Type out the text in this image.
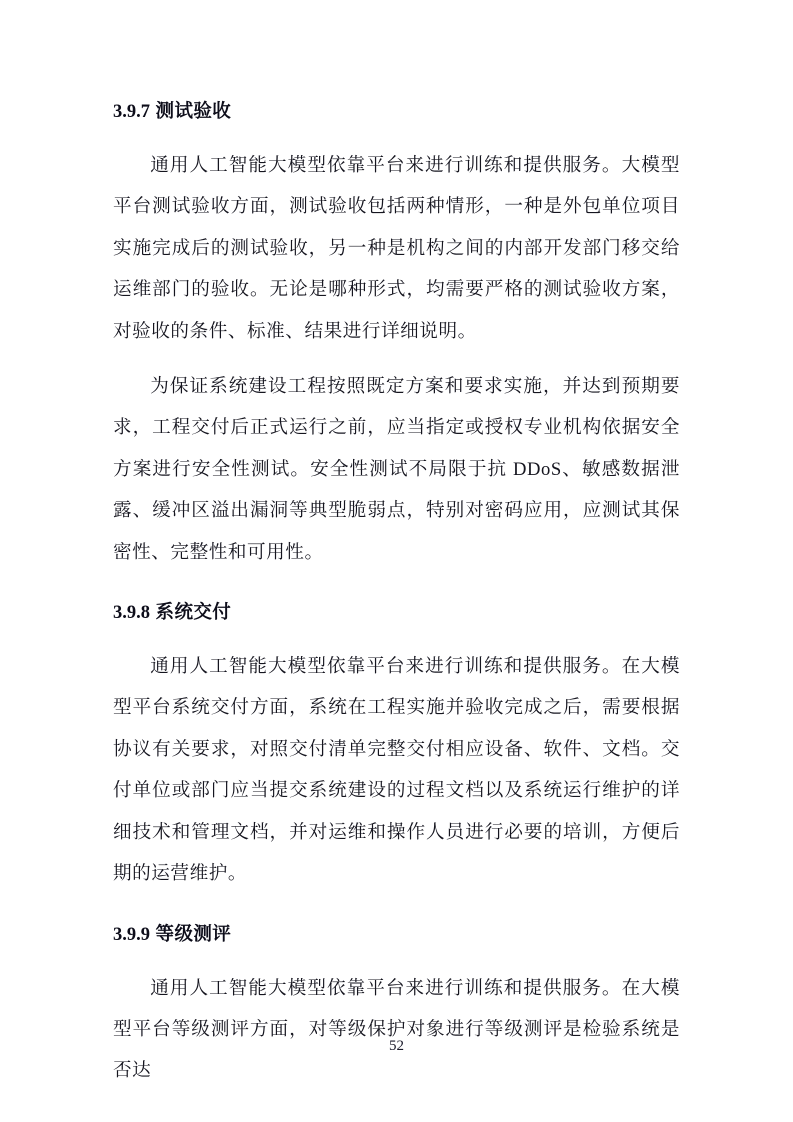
3.9.7 测试验收

通用人工智能大模型依靠平台来进行训练和提供服务。大模型平台测试验收方面，测试验收包括两种情形，一种是外包单位项目实施完成后的测试验收，另一种是机构之间的内部开发部门移交给运维部门的验收。无论是哪种形式，均需要严格的测试验收方案，对验收的条件、标准、结果进行详细说明。

为保证系统建设工程按照既定方案和要求实施，并达到预期要求，工程交付后正式运行之前，应当指定或授权专业机构依据安全方案进行安全性测试。安全性测试不局限于抗 DDoS、敏感数据泄露、缓冲区溢出漏洞等典型脆弱点，特别对密码应用，应测试其保密性、完整性和可用性。

3.9.8 系统交付

通用人工智能大模型依靠平台来进行训练和提供服务。在大模型平台系统交付方面，系统在工程实施并验收完成之后，需要根据协议有关要求，对照交付清单完整交付相应设备、软件、文档。交付单位或部门应当提交系统建设的过程文档以及系统运行维护的详细技术和管理文档，并对运维和操作人员进行必要的培训，方便后期的运营维护。

3.9.9 等级测评

通用人工智能大模型依靠平台来进行训练和提供服务。在大模型平台等级测评方面，对等级保护对象进行等级测评是检验系统是否达

52
